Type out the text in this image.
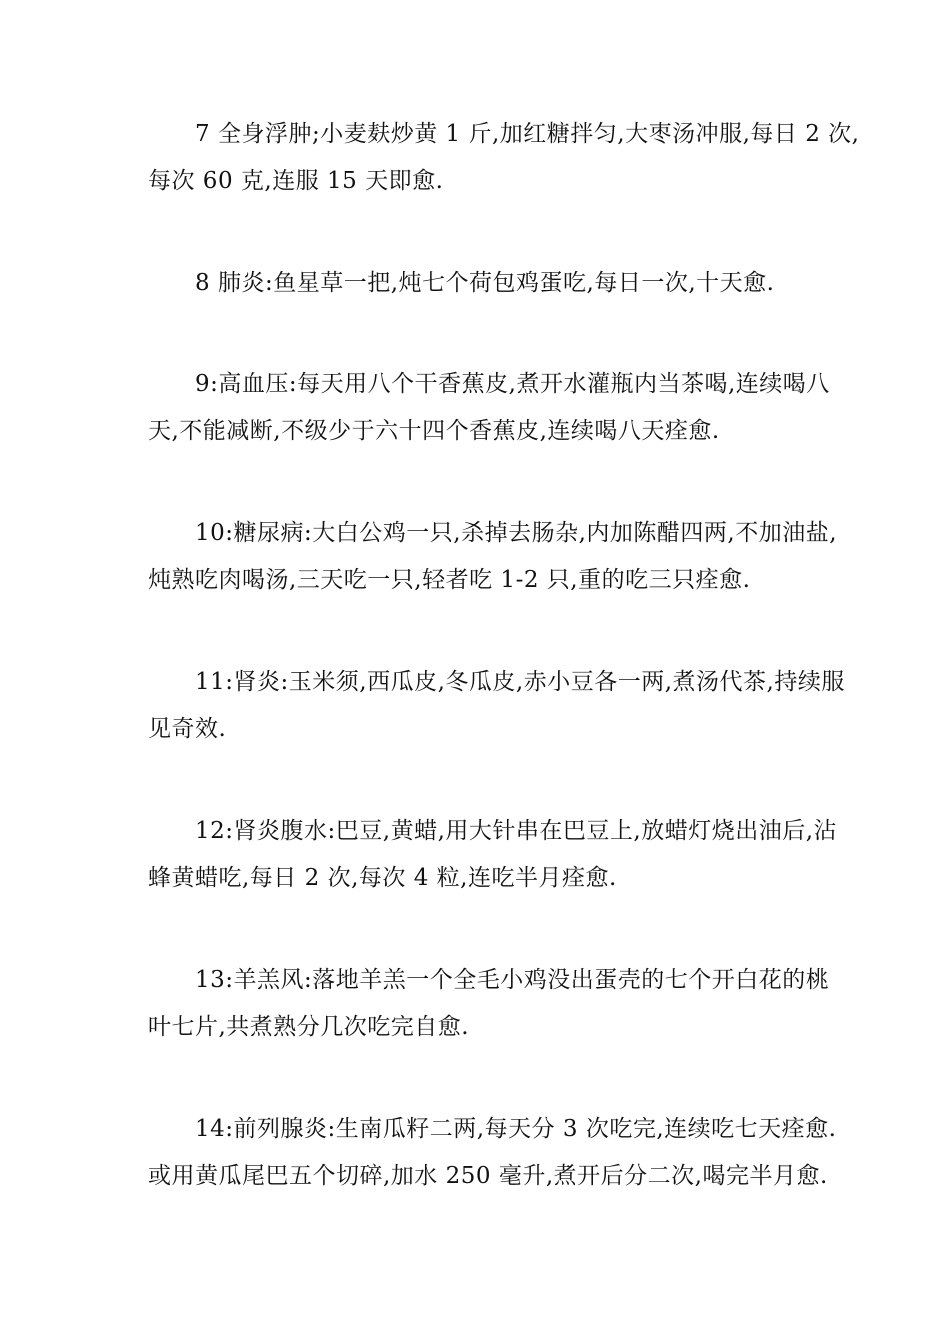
7 全身浮肿;小麦麸炒黄 1 斤,加红糖拌匀,大枣汤冲服,每日 2 次,
每次 60 克,连服 15 天即愈.
8 肺炎:鱼星草一把,炖七个荷包鸡蛋吃,每日一次,十天愈.
9:高血压:每天用八个干香蕉皮,煮开水灌瓶内当茶喝,连续喝八
天,不能减断,不级少于六十四个香蕉皮,连续喝八天痊愈.
10:糖尿病:大白公鸡一只,杀掉去肠杂,内加陈醋四两,不加油盐,
炖熟吃肉喝汤,三天吃一只,轻者吃 1-2 只,重的吃三只痊愈.
11:肾炎:玉米须,西瓜皮,冬瓜皮,赤小豆各一两,煮汤代茶,持续服
见奇效.
12:肾炎腹水:巴豆,黄蜡,用大针串在巴豆上,放蜡灯烧出油后,沾
蜂黄蜡吃,每日 2 次,每次 4 粒,连吃半月痊愈.
13:羊羔风:落地羊羔一个全毛小鸡没出蛋壳的七个开白花的桃
叶七片,共煮熟分几次吃完自愈.
14:前列腺炎:生南瓜籽二两,每天分 3 次吃完,连续吃七天痊愈.
或用黄瓜尾巴五个切碎,加水 250 毫升,煮开后分二次,喝完半月愈.
